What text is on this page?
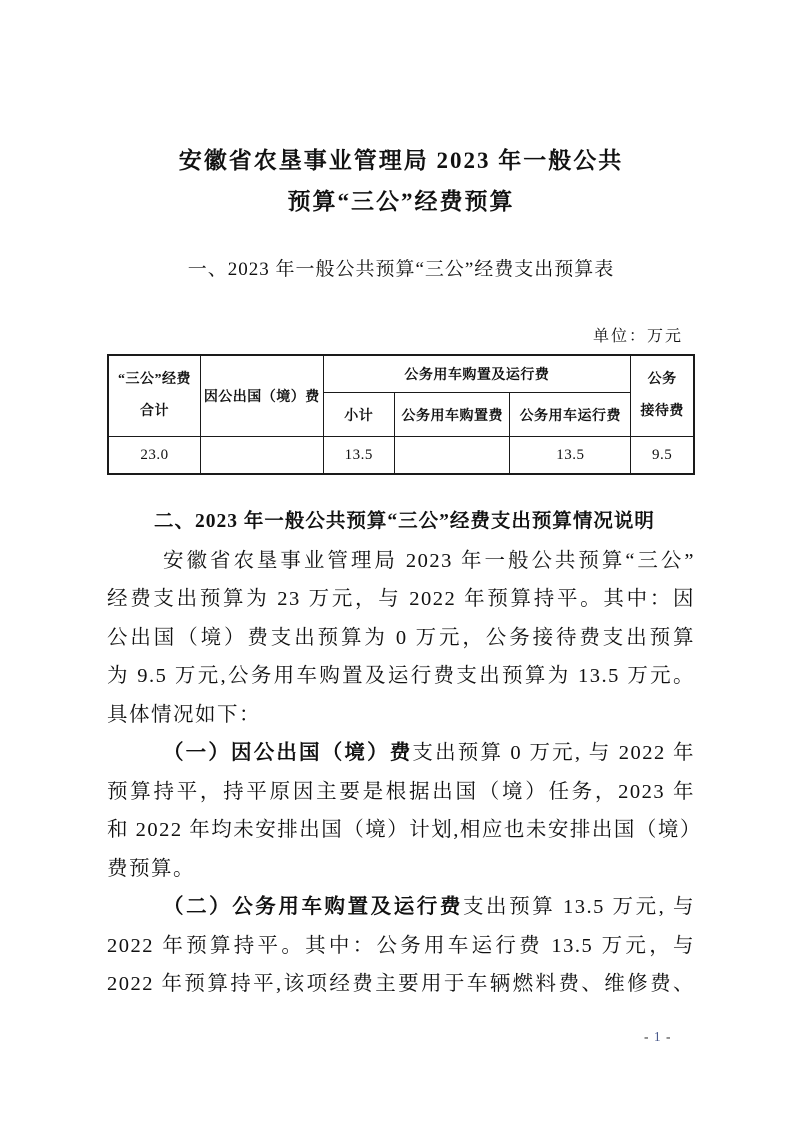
安徽省农垦事业管理局 2023 年一般公共
预算“三公”经费预算
一、2023 年一般公共预算“三公”经费支出预算表
单位：万元
“三公”经费
合计	因公出国（境）费	公务用车购置及运行费			公务
接待费

		小计	公务用车购置费	公务用车运行费	
23.0		13.5		13.5	9.5
二、2023 年一般公共预算“三公”经费支出预算情况说明
安徽省农垦事业管理局 2023 年一般公共预算“三公”
经费支出预算为 23 万元，与 2022 年预算持平。其中：因
公出国（境）费支出预算为 0 万元，公务接待费支出预算
为 9.5 万元,公务用车购置及运行费支出预算为 13.5 万元。
具体情况如下：
（一）因公出国（境）费支出预算 0 万元, 与 2022 年
预算持平，持平原因主要是根据出国（境）任务，2023 年
和 2022 年均未安排出国（境）计划,相应也未安排出国（境）
费预算。
（二）公务用车购置及运行费支出预算 13.5 万元, 与
2022 年预算持平。其中：公务用车运行费 13.5 万元，与
2022 年预算持平,该项经费主要用于车辆燃料费、维修费、
- 1 -
